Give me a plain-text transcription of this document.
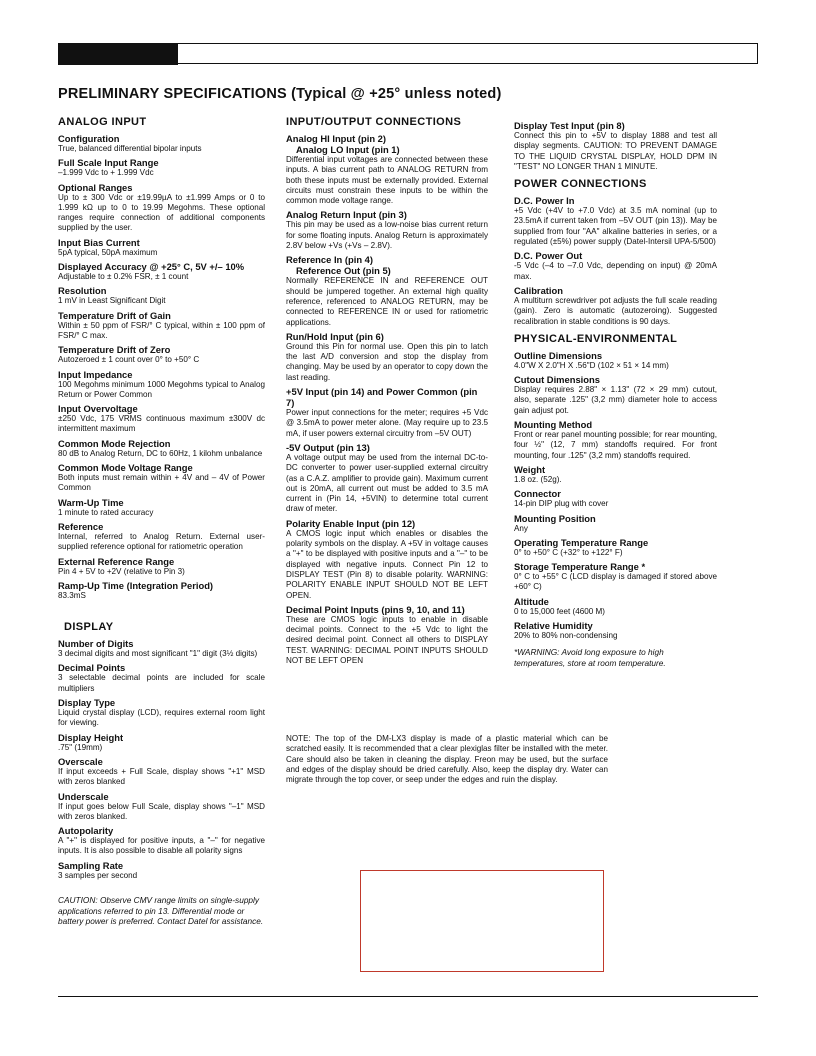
PRELIMINARY SPECIFICATIONS (Typical @ +25° unless noted)
ANALOG INPUT
Configuration
True, balanced differential bipolar inputs
Full Scale Input Range
–1.999 Vdc to + 1.999 Vdc
Optional Ranges
Up to ± 300 Vdc or ±19.99µA to ±1.999 Amps or 0 to 1.999 kΩ up to 0 to 19.99 Megohms. These optional ranges require connection of additional components supplied by the user.
Input Bias Current
5pA typical, 50pA maximum
Displayed Accuracy @ +25° C, 5V +/– 10%
Adjustable to ± 0.2% FSR, ± 1 count
Resolution
1 mV in Least Significant Digit
Temperature Drift of Gain
Within ± 50 ppm of FSR/° C typical, within ± 100 ppm of FSR/° C max.
Temperature Drift of Zero
Autozeroed ± 1 count over 0° to +50° C
Input Impedance
100 Megohms minimum 1000 Megohms typical to Analog Return or Power Common
Input Overvoltage
±250 Vdc, 175 VRMS continuous maximum ±300V dc intermittent maximum
Common Mode Rejection
80 dB to Analog Return, DC to 60Hz, 1 kilohm unbalance
Common Mode Voltage Range
Both inputs must remain within + 4V and – 4V of Power Common
Warm-Up Time
1 minute to rated accuracy
Reference
Internal, referred to Analog Return. External user-supplied reference optional for ratiometric operation
External Reference Range
Pin 4 + 5V to +2V (relative to Pin 3)
Ramp-Up Time (Integration Period)
83.3mS
DISPLAY
Number of Digits
3 decimal digits and most significant "1" digit (3½ digits)
Decimal Points
3 selectable decimal points are included for scale multipliers
Display Type
Liquid crystal display (LCD), requires external room light for viewing.
Display Height
.75" (19mm)
Overscale
If input exceeds + Full Scale, display shows "+1" MSD with zeros blanked
Underscale
If input goes below Full Scale, display shows "–1" MSD with zeros blanked.
Autopolarity
A "+" is displayed for positive inputs, a "–" for negative inputs. It is also possible to disable all polarity signs
Sampling Rate
3 samples per second
CAUTION: Observe CMV range limits on single-supply applications referred to pin 13. Differential mode or battery power is preferred. Contact Datel for assistance.
INPUT/OUTPUT CONNECTIONS
Analog HI Input (pin 2)
Analog LO Input (pin 1)
Differential input voltages are connected between these inputs. A bias current path to ANALOG RETURN from both these inputs must be externally provided. External circuits must constrain these inputs to be within the common mode voltage range.
Analog Return Input (pin 3)
This pin may be used as a low-noise bias current return for some floating inputs. Analog Return is approximately 2.8V below +Vs (+Vs – 2.8V).
Reference In (pin 4)
Reference Out (pin 5)
Normally REFERENCE IN and REFERENCE OUT should be jumpered together. An external high quality reference, referenced to ANALOG RETURN, may be connected to REFERENCE IN or used for ratiometric applications.
Run/Hold Input (pin 6)
Ground this Pin for normal use. Open this pin to latch the last A/D conversion and stop the display from changing. May be used by an operator to copy down the last reading.
+5V Input (pin 14) and Power Common (pin 7)
Power input connections for the meter; requires +5 Vdc @ 3.5mA to power meter alone. (May require up to 23.5 mA, if user powers external circuitry from –5V OUT)
-5V Output (pin 13)
A voltage output may be used from the internal DC-to-DC converter to power user-supplied external circuitry (as a C.A.Z. amplifier to provide gain). Maximum current out is 20mA, all current out must be added to 3.5 mA current in (Pin 14, +5VIN) to determine total current draw of meter.
Polarity Enable Input (pin 12)
A CMOS logic input which enables or disables the polarity symbols on the display. A +5V in voltage causes a "+" to be displayed with positive inputs and a "–" to be displayed with negative inputs. Connect Pin 12 to DISPLAY TEST (Pin 8) to disable polarity. WARNING: POLARITY ENABLE INPUT SHOULD NOT BE LEFT OPEN.
Decimal Point Inputs (pins 9, 10, and 11)
These are CMOS logic inputs to enable in disable decimal points. Connect to the +5 Vdc to light the desired decimal point. Connect all others to DISPLAY TEST. WARNING: DECIMAL POINT INPUTS SHOULD NOT BE LEFT OPEN
Display Test Input (pin 8)
Connect this pin to +5V to display 1888 and test all display segments. CAUTION: TO PREVENT DAMAGE TO THE LIQUID CRYSTAL DISPLAY, HOLD DPM IN "TEST" NO LONGER THAN 1 MINUTE.
POWER CONNECTIONS
D.C. Power In
+5 Vdc (+4V to +7.0 Vdc) at 3.5 mA nominal (up to 23.5mA if current taken from –5V OUT (pin 13)). May be supplied from four "AA" alkaline batteries in series, or a regulated (±5%) power supply (Datel-Intersil UPA-5/500)
D.C. Power Out
-5 Vdc (–4 to –7.0 Vdc, depending on input) @ 20mA max.
Calibration
A multiturn screwdriver pot adjusts the full scale reading (gain). Zero is automatic (autozeroing). Suggested recalibration in stable conditions is 90 days.
PHYSICAL-ENVIRONMENTAL
Outline Dimensions
4.0"W X 2.0"H X .56"D (102 × 51 × 14 mm)
Cutout Dimensions
Display requires 2.88" × 1.13" (72 × 29 mm) cutout, also, separate .125" (3,2 mm) diameter hole to access gain adjust pot.
Mounting Method
Front or rear panel mounting possible; for rear mounting, four ½" (12, 7 mm) standoffs required. For front mounting, four .125" (3,2 mm) standoffs required.
Weight
1.8 oz. (52g).
Connector
14-pin DIP plug with cover
Mounting Position
Any
Operating Temperature Range
0° to +50° C (+32° to +122° F)
Storage Temperature Range *
0° C to +55° C (LCD display is damaged if stored above +60° C)
Altitude
0 to 15,000 feet (4600 M)
Relative Humidity
20% to 80% non-condensing
*WARNING: Avoid long exposure to high temperatures, store at room temperature.
NOTE: The top of the DM-LX3 display is made of a plastic material which can be scratched easily. It is recommended that a clear plexiglas filter be installed with the meter. Care should also be taken in cleaning the display. Freon may be used, but the surface and edges of the display should be dried carefully. Also, keep the display dry. Water can migrate through the top cover, or seep under the edges and ruin the display.
